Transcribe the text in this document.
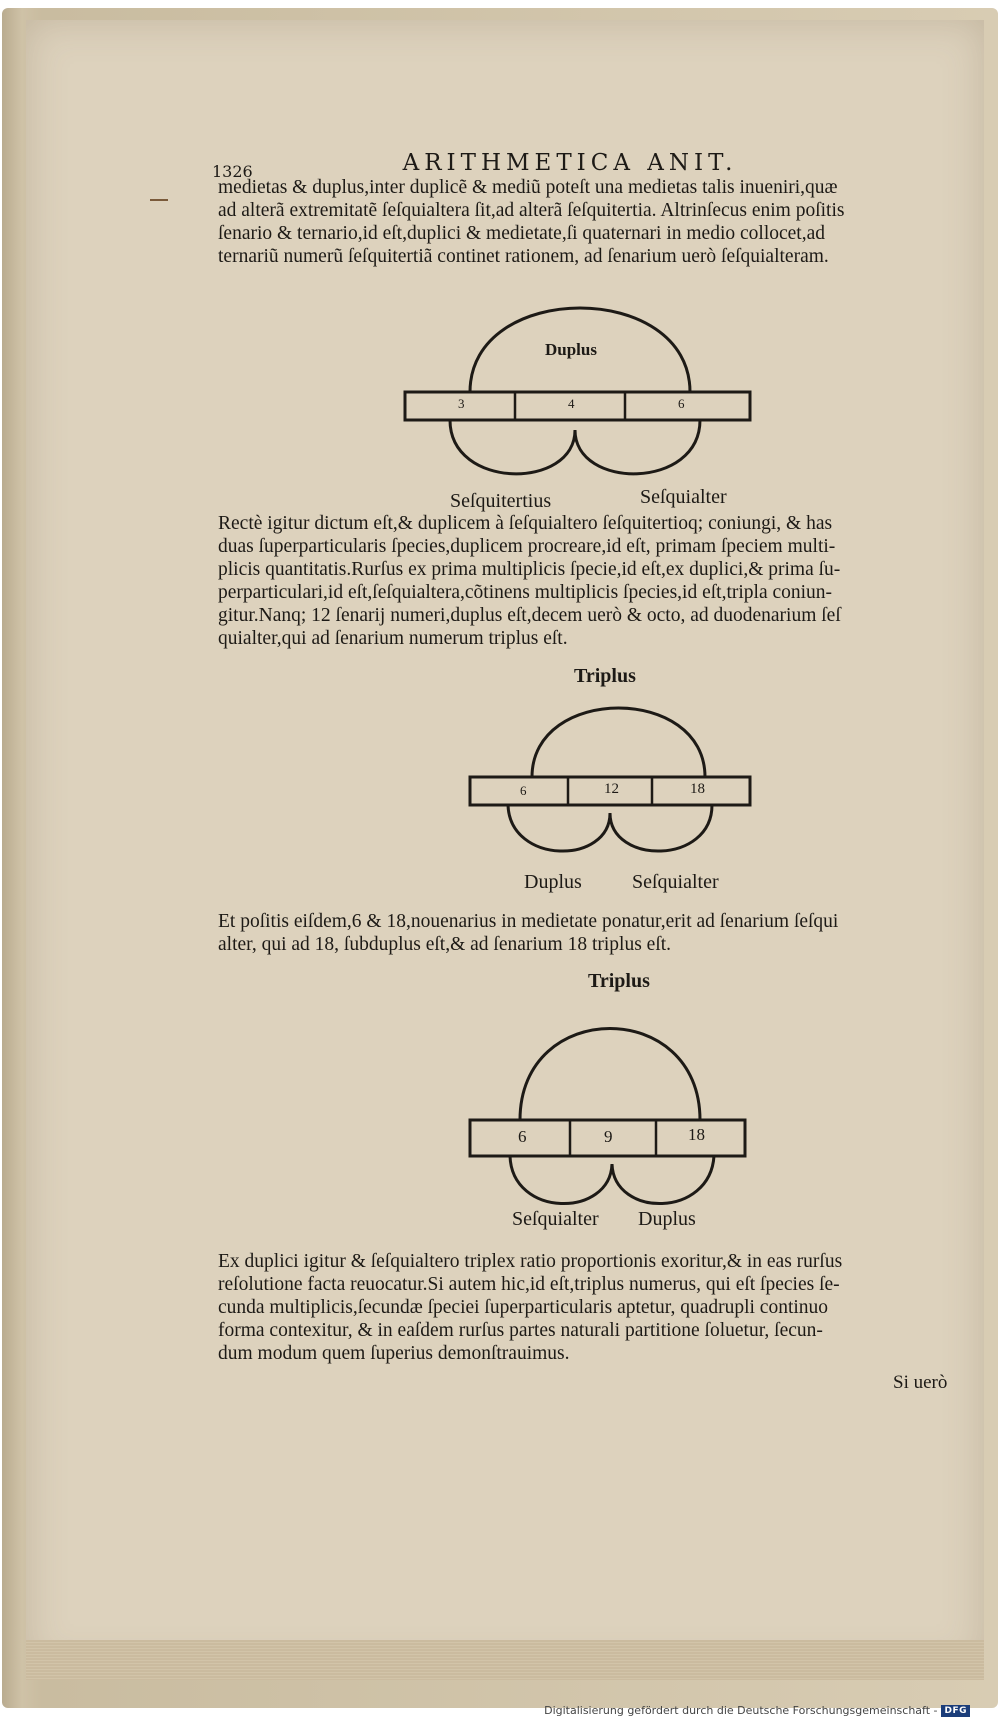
1326	ARITHMETICA ANIT.
medietas & duplus,inter duplicẽ & mediũ poteſt una medietas talis inueniri,quæ
ad alterã extremitatẽ ſeſquialtera ſit,ad alterã ſeſquitertia. Altrinſecus enim poſitis
ſenario & ternario,id eſt,duplici & medietate,ſi quaternari in medio collocet,ad
ternariũ numerũ ſeſquitertiã continet rationem, ad ſenarium uerò ſeſquialteram.
Duplus
3	4	6
Seſquitertius	Seſquialter
Rectè igitur dictum eſt,& duplicem à ſeſquialtero ſeſquitertioq; coniungi, & has
duas ſuperparticularis ſpecies,duplicem procreare,id eſt, primam ſpeciem multi-
plicis quantitatis.Rurſus ex prima multiplicis ſpecie,id eſt,ex duplici,& prima ſu-
perparticulari,id eſt,ſeſquialtera,cõtinens multiplicis ſpecies,id eſt,tripla coniun-
gitur.Nanq; 12 ſenarij numeri,duplus eſt,decem uerò & octo, ad duodenarium ſeſ
quialter,qui ad ſenarium numerum triplus eſt.
Triplus
6	12	18
Duplus	Seſquialter
Et poſitis eiſdem,6 & 18,nouenarius in medietate ponatur,erit ad ſenarium ſeſqui
alter, qui ad 18, ſubduplus eſt,& ad ſenarium 18 triplus eſt.
Triplus
6	9	18
Seſquialter Duplus
Ex duplici igitur & ſeſquialtero triplex ratio proportionis exoritur,& in eas rurſus
reſolutione facta reuocatur.Si autem hic,id eſt,triplus numerus, qui eſt ſpecies ſe-
cunda multiplicis,ſecundæ ſpeciei ſuperparticularis aptetur, quadrupli continuo
forma contexitur, & in eaſdem rurſus partes naturali partitione ſoluetur, ſecun-
dum modum quem ſuperius demonſtrauimus.
Si uerò
Digitalisierung gefördert durch die Deutsche Forschungsgemeinschaft - DFG
